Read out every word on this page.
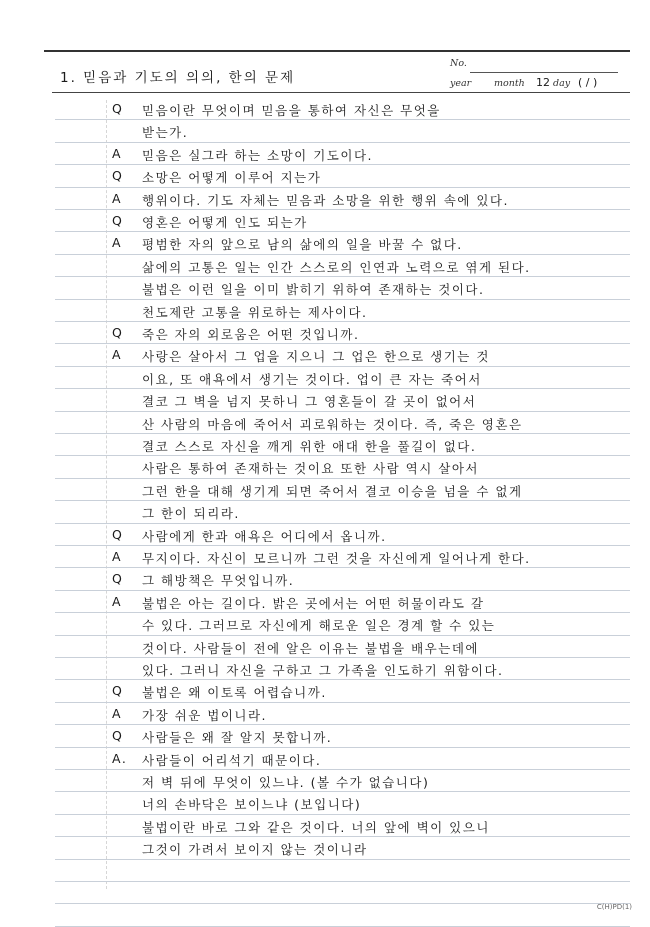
No.
1. 믿음과 기도의 의의, 한의 문제	year month 12 day ( / )
Q 믿음이란 무엇이며 믿음을 통하여 자신은 무엇을
받는가.
A 믿음은 실그라 하는 소망이 기도이다.
Q 소망은 어떻게 이루어 지는가
A 행위이다. 기도 자체는 믿음과 소망을 위한 행위 속에 있다.
Q 영혼은 어떻게 인도 되는가
A 평범한 자의 앞으로 남의 삶에의 일을 바꿀 수 없다.
삶에의 고통은 일는 인간 스스로의 인연과 노력으로 엮게 된다.
불법은 이런 일을 이미 밝히기 위하여 존재하는 것이다.
천도제란 고통을 위로하는 제사이다.
Q 죽은 자의 외로움은 어떤 것입니까.
A 사랑은 살아서 그 업을 지으니 그 업은 한으로 생기는 것
이요, 또 애욕에서 생기는 것이다. 업이 큰 자는 죽어서
결코 그 벽을 넘지 못하니 그 영혼들이 갈 곳이 없어서
산 사람의 마음에 죽어서 괴로워하는 것이다. 즉, 죽은 영혼은
결코 스스로 자신을 깨게 위한 애대 한을 풀길이 없다.
사람은 통하여 존재하는 것이요 또한 사람 역시 살아서
그런 한을 대해 생기게 되면 죽어서 결코 이승을 넘을 수 없게
그 한이 되리라.
Q 사람에게 한과 애욕은 어디에서 옵니까.
A 무지이다. 자신이 모르니까 그런 것을 자신에게 일어나게 한다.
Q 그 해방책은 무엇입니까.
A 불법은 아는 길이다. 밝은 곳에서는 어떤 허물이라도 갈
수 있다. 그러므로 자신에게 해로운 일은 경계 할 수 있는
것이다. 사람들이 전에 알은 이유는 불법을 배우는데에
있다. 그러니 자신을 구하고 그 가족을 인도하기 위함이다.
Q 불법은 왜 이토록 어렵습니까.
A 가장 쉬운 법이니라.
Q 사람들은 왜 잘 알지 못합니까.
A. 사람들이 어리석기 때문이다.
저 벽 뒤에 무엇이 있느냐. (볼 수가 없습니다)
너의 손바닥은 보이느냐 (보입니다)
불법이란 바로 그와 같은 것이다. 너의 앞에 벽이 있으니
그것이 가려서 보이지 않는 것이니라
C(H)PD(1)
